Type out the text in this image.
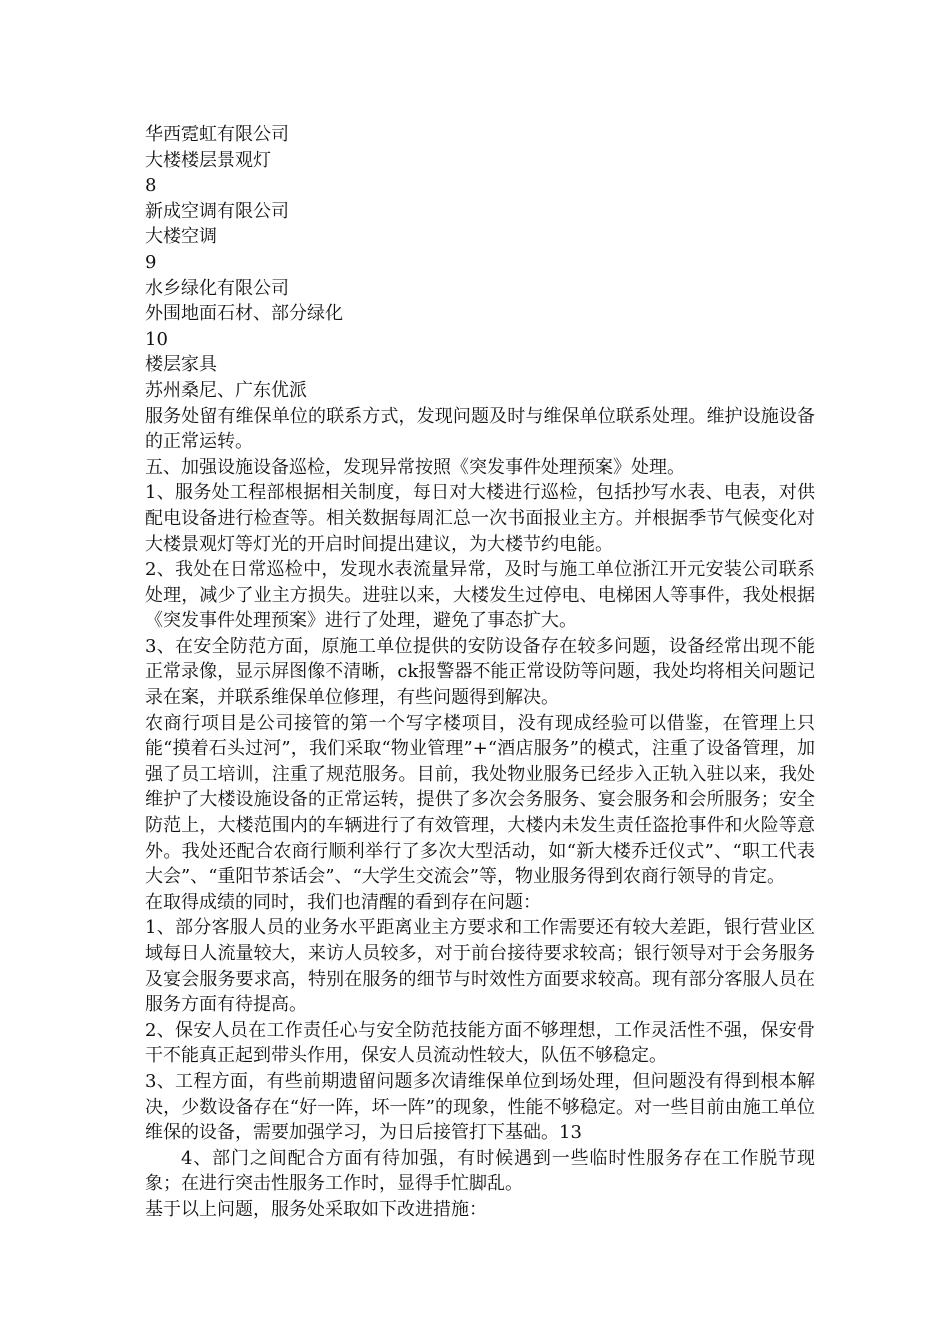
华西霓虹有限公司
大楼楼层景观灯
8
新成空调有限公司
大楼空调
9
水乡绿化有限公司
外围地面石材、部分绿化
10
楼层家具
苏州桑尼、广东优派

服务处留有维保单位的联系方式，发现问题及时与维保单位联系处理。维护设施设备的正常运转。

五、加强设施设备巡检，发现异常按照《突发事件处理预案》处理。

1、服务处工程部根据相关制度，每日对大楼进行巡检，包括抄写水表、电表，对供配电设备进行检查等。相关数据每周汇总一次书面报业主方。并根据季节气候变化对大楼景观灯等灯光的开启时间提出建议，为大楼节约电能。

2、我处在日常巡检中，发现水表流量异常，及时与施工单位浙江开元安装公司联系处理，减少了业主方损失。进驻以来，大楼发生过停电、电梯困人等事件，我处根据《突发事件处理预案》进行了处理，避免了事态扩大。

3、在安全防范方面，原施工单位提供的安防设备存在较多问题，设备经常出现不能正常录像，显示屏图像不清晰，ck报警器不能正常设防等问题，我处均将相关问题记录在案，并联系维保单位修理，有些问题得到解决。

农商行项目是公司接管的第一个写字楼项目，没有现成经验可以借鉴，在管理上只能“摸着石头过河”，我们采取“物业管理”+“酒店服务”的模式，注重了设备管理，加强了员工培训，注重了规范服务。目前，我处物业服务已经步入正轨入驻以来，我处维护了大楼设施设备的正常运转，提供了多次会务服务、宴会服务和会所服务；安全防范上，大楼范围内的车辆进行了有效管理，大楼内未发生责任盗抢事件和火险等意外。我处还配合农商行顺利举行了多次大型活动，如“新大楼乔迁仪式”、“职工代表大会”、“重阳节茶话会”、“大学生交流会”等，物业服务得到农商行领导的肯定。

在取得成绩的同时，我们也清醒的看到存在问题：

1、部分客服人员的业务水平距离业主方要求和工作需要还有较大差距，银行营业区域每日人流量较大，来访人员较多，对于前台接待要求较高；银行领导对于会务服务及宴会服务要求高，特别在服务的细节与时效性方面要求较高。现有部分客服人员在服务方面有待提高。

2、保安人员在工作责任心与安全防范技能方面不够理想，工作灵活性不强，保安骨干不能真正起到带头作用，保安人员流动性较大，队伍不够稳定。

3、工程方面，有些前期遗留问题多次请维保单位到场处理，但问题没有得到根本解决，少数设备存在“好一阵，坏一阵”的现象，性能不够稳定。对一些目前由施工单位维保的设备，需要加强学习，为日后接管打下基础。13

4、部门之间配合方面有待加强，有时候遇到一些临时性服务存在工作脱节现象；在进行突击性服务工作时，显得手忙脚乱。

基于以上问题，服务处采取如下改进措施：
